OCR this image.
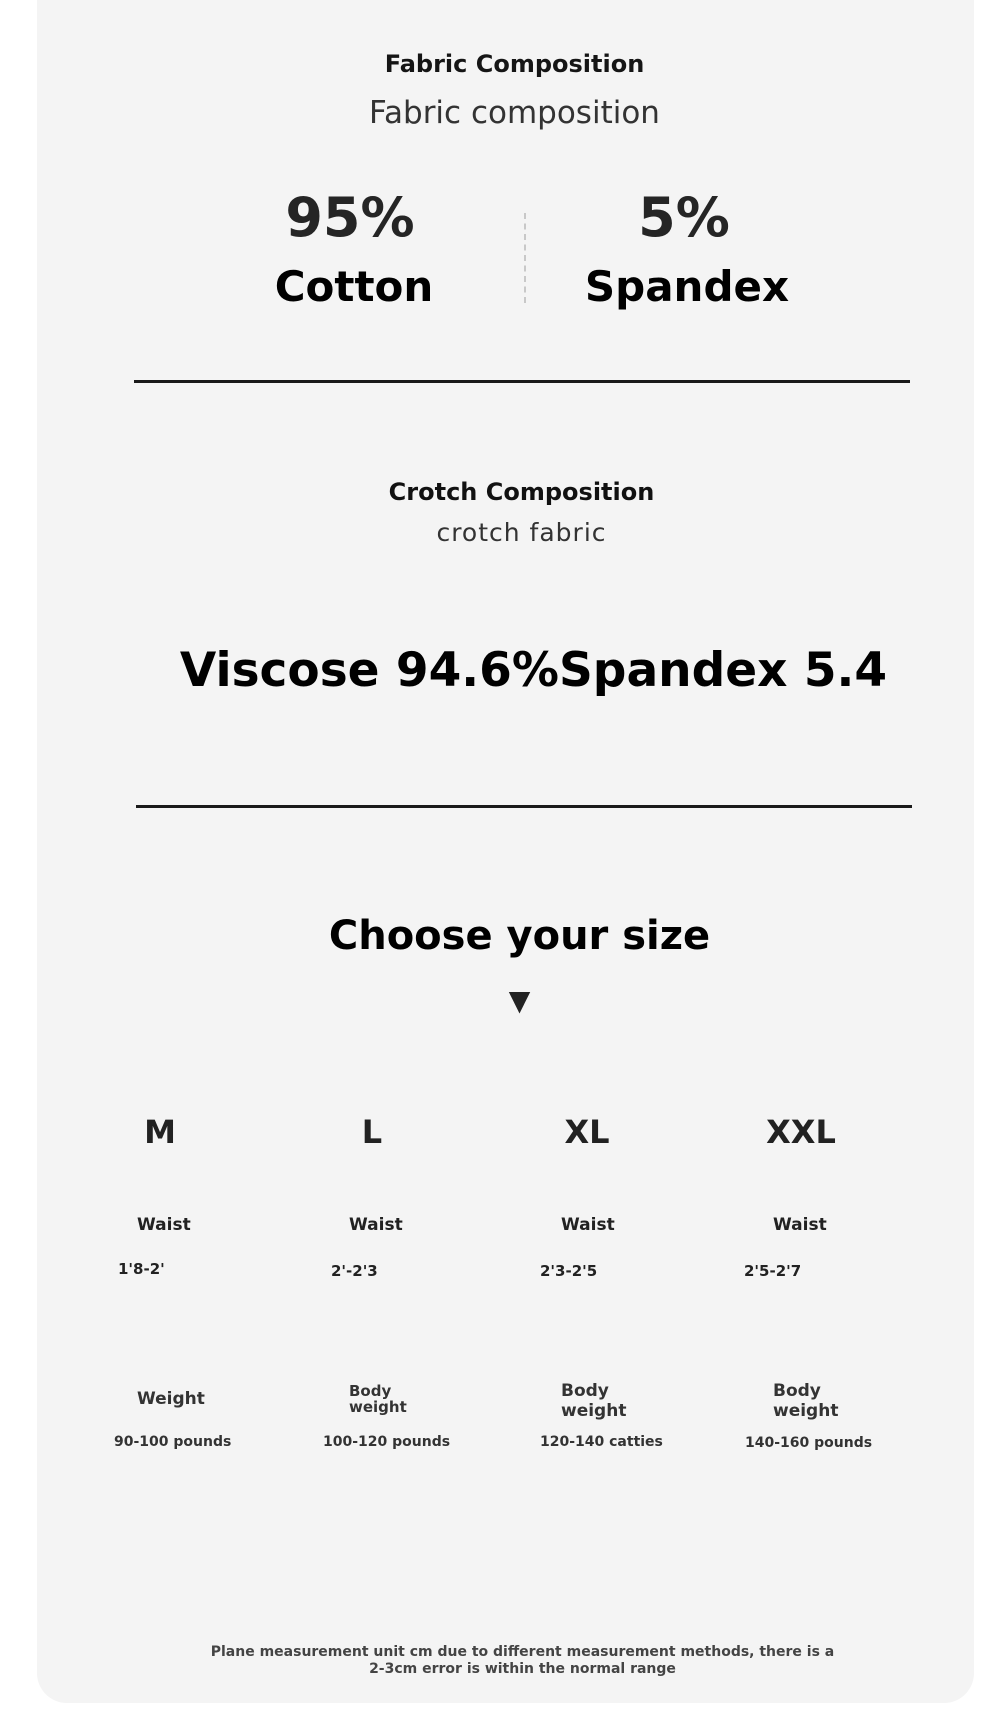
Fabric Composition
Fabric composition
95%
Cotton
5%
Spandex
Crotch Composition
crotch fabric
Viscose 94.6%Spandex 5.4
Choose your size
▼
M
Waist
1'8-2'
Weight
90-100 pounds
L
Waist
2'-2'3
Body weight
100-120 pounds
XL
Waist
2'3-2'5
Body weight
120-140 catties
XXL
Waist
2'5-2'7
Body weight
140-160 pounds
Plane measurement unit cm due to different measurement methods, there is a
2-3cm error is within the normal range
